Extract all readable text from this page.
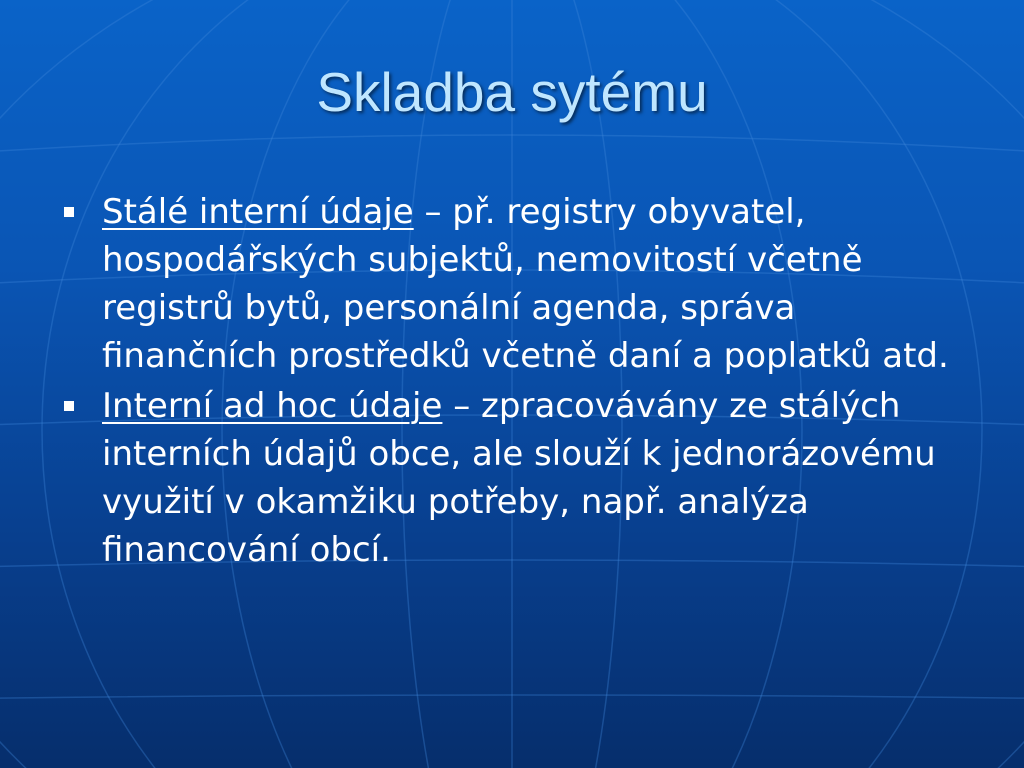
Skladba sytému
Stálé interní údaje – př. registry obyvatel, hospodářských subjektů, nemovitostí včetně registrů bytů, personální agenda, správa finančních prostředků včetně daní a poplatků atd.
Interní ad hoc údaje – zpracovávány ze stálých interních údajů obce, ale slouží k jednorázovému využití v okamžiku potřeby, např. analýza financování obcí.
